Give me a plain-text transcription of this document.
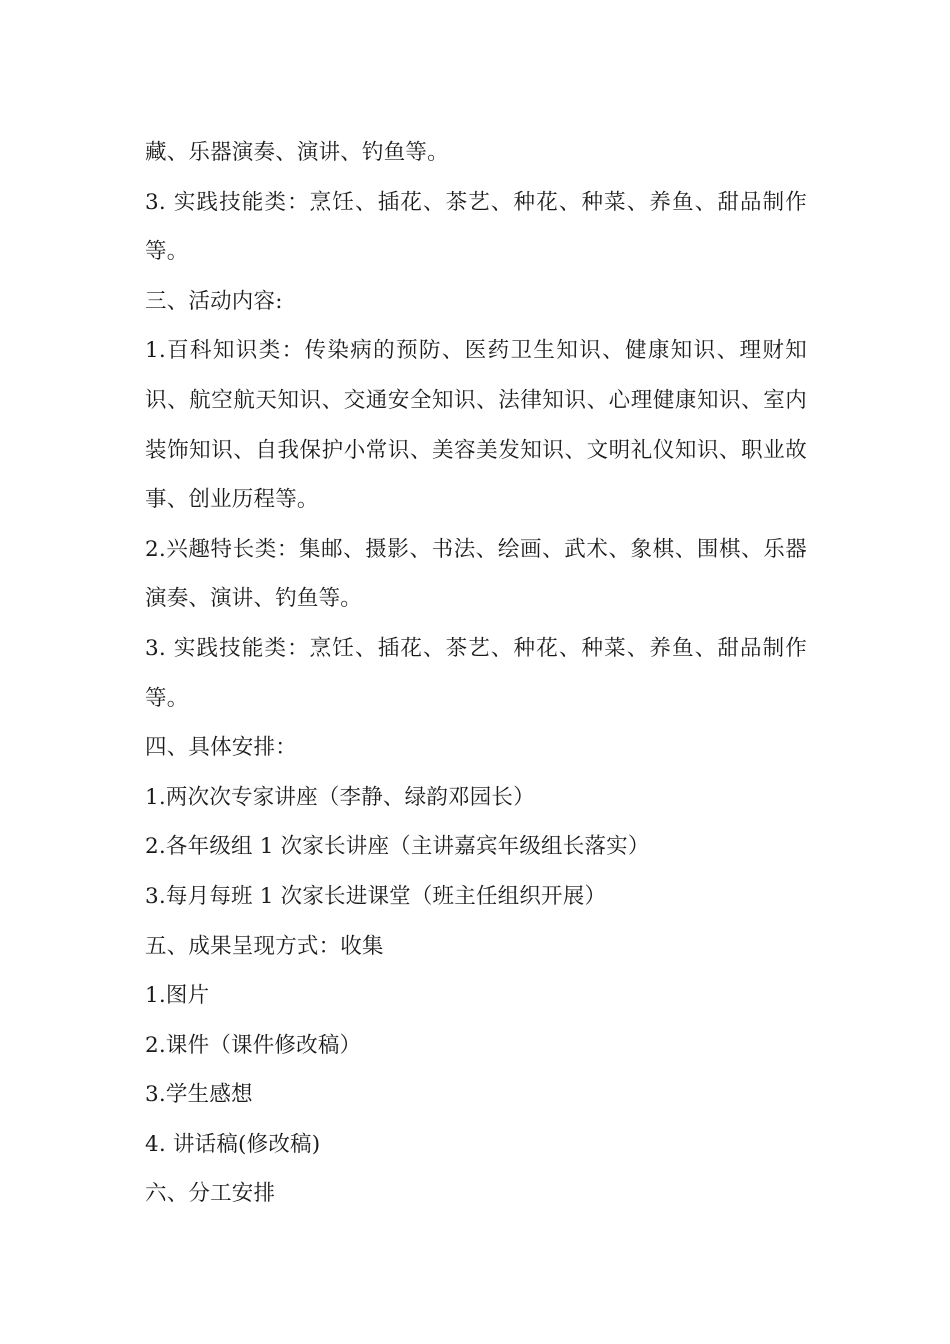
藏、乐器演奏、演讲、钓鱼等。

3. 实践技能类：烹饪、插花、茶艺、种花、种菜、养鱼、甜品制作等。

三、活动内容:

1.百科知识类：传染病的预防、医药卫生知识、健康知识、理财知识、航空航天知识、交通安全知识、法律知识、心理健康知识、室内装饰知识、自我保护小常识、美容美发知识、文明礼仪知识、职业故事、创业历程等。

2.兴趣特长类：集邮、摄影、书法、绘画、武术、象棋、围棋、乐器演奏、演讲、钓鱼等。

3. 实践技能类：烹饪、插花、茶艺、种花、种菜、养鱼、甜品制作等。

四、具体安排：

1.两次次专家讲座（李静、绿韵邓园长）

2.各年级组 1 次家长讲座（主讲嘉宾年级组长落实）

3.每月每班 1 次家长进课堂（班主任组织开展）

五、成果呈现方式：收集

1.图片

2.课件（课件修改稿）

3.学生感想

4. 讲话稿(修改稿)

六、分工安排
